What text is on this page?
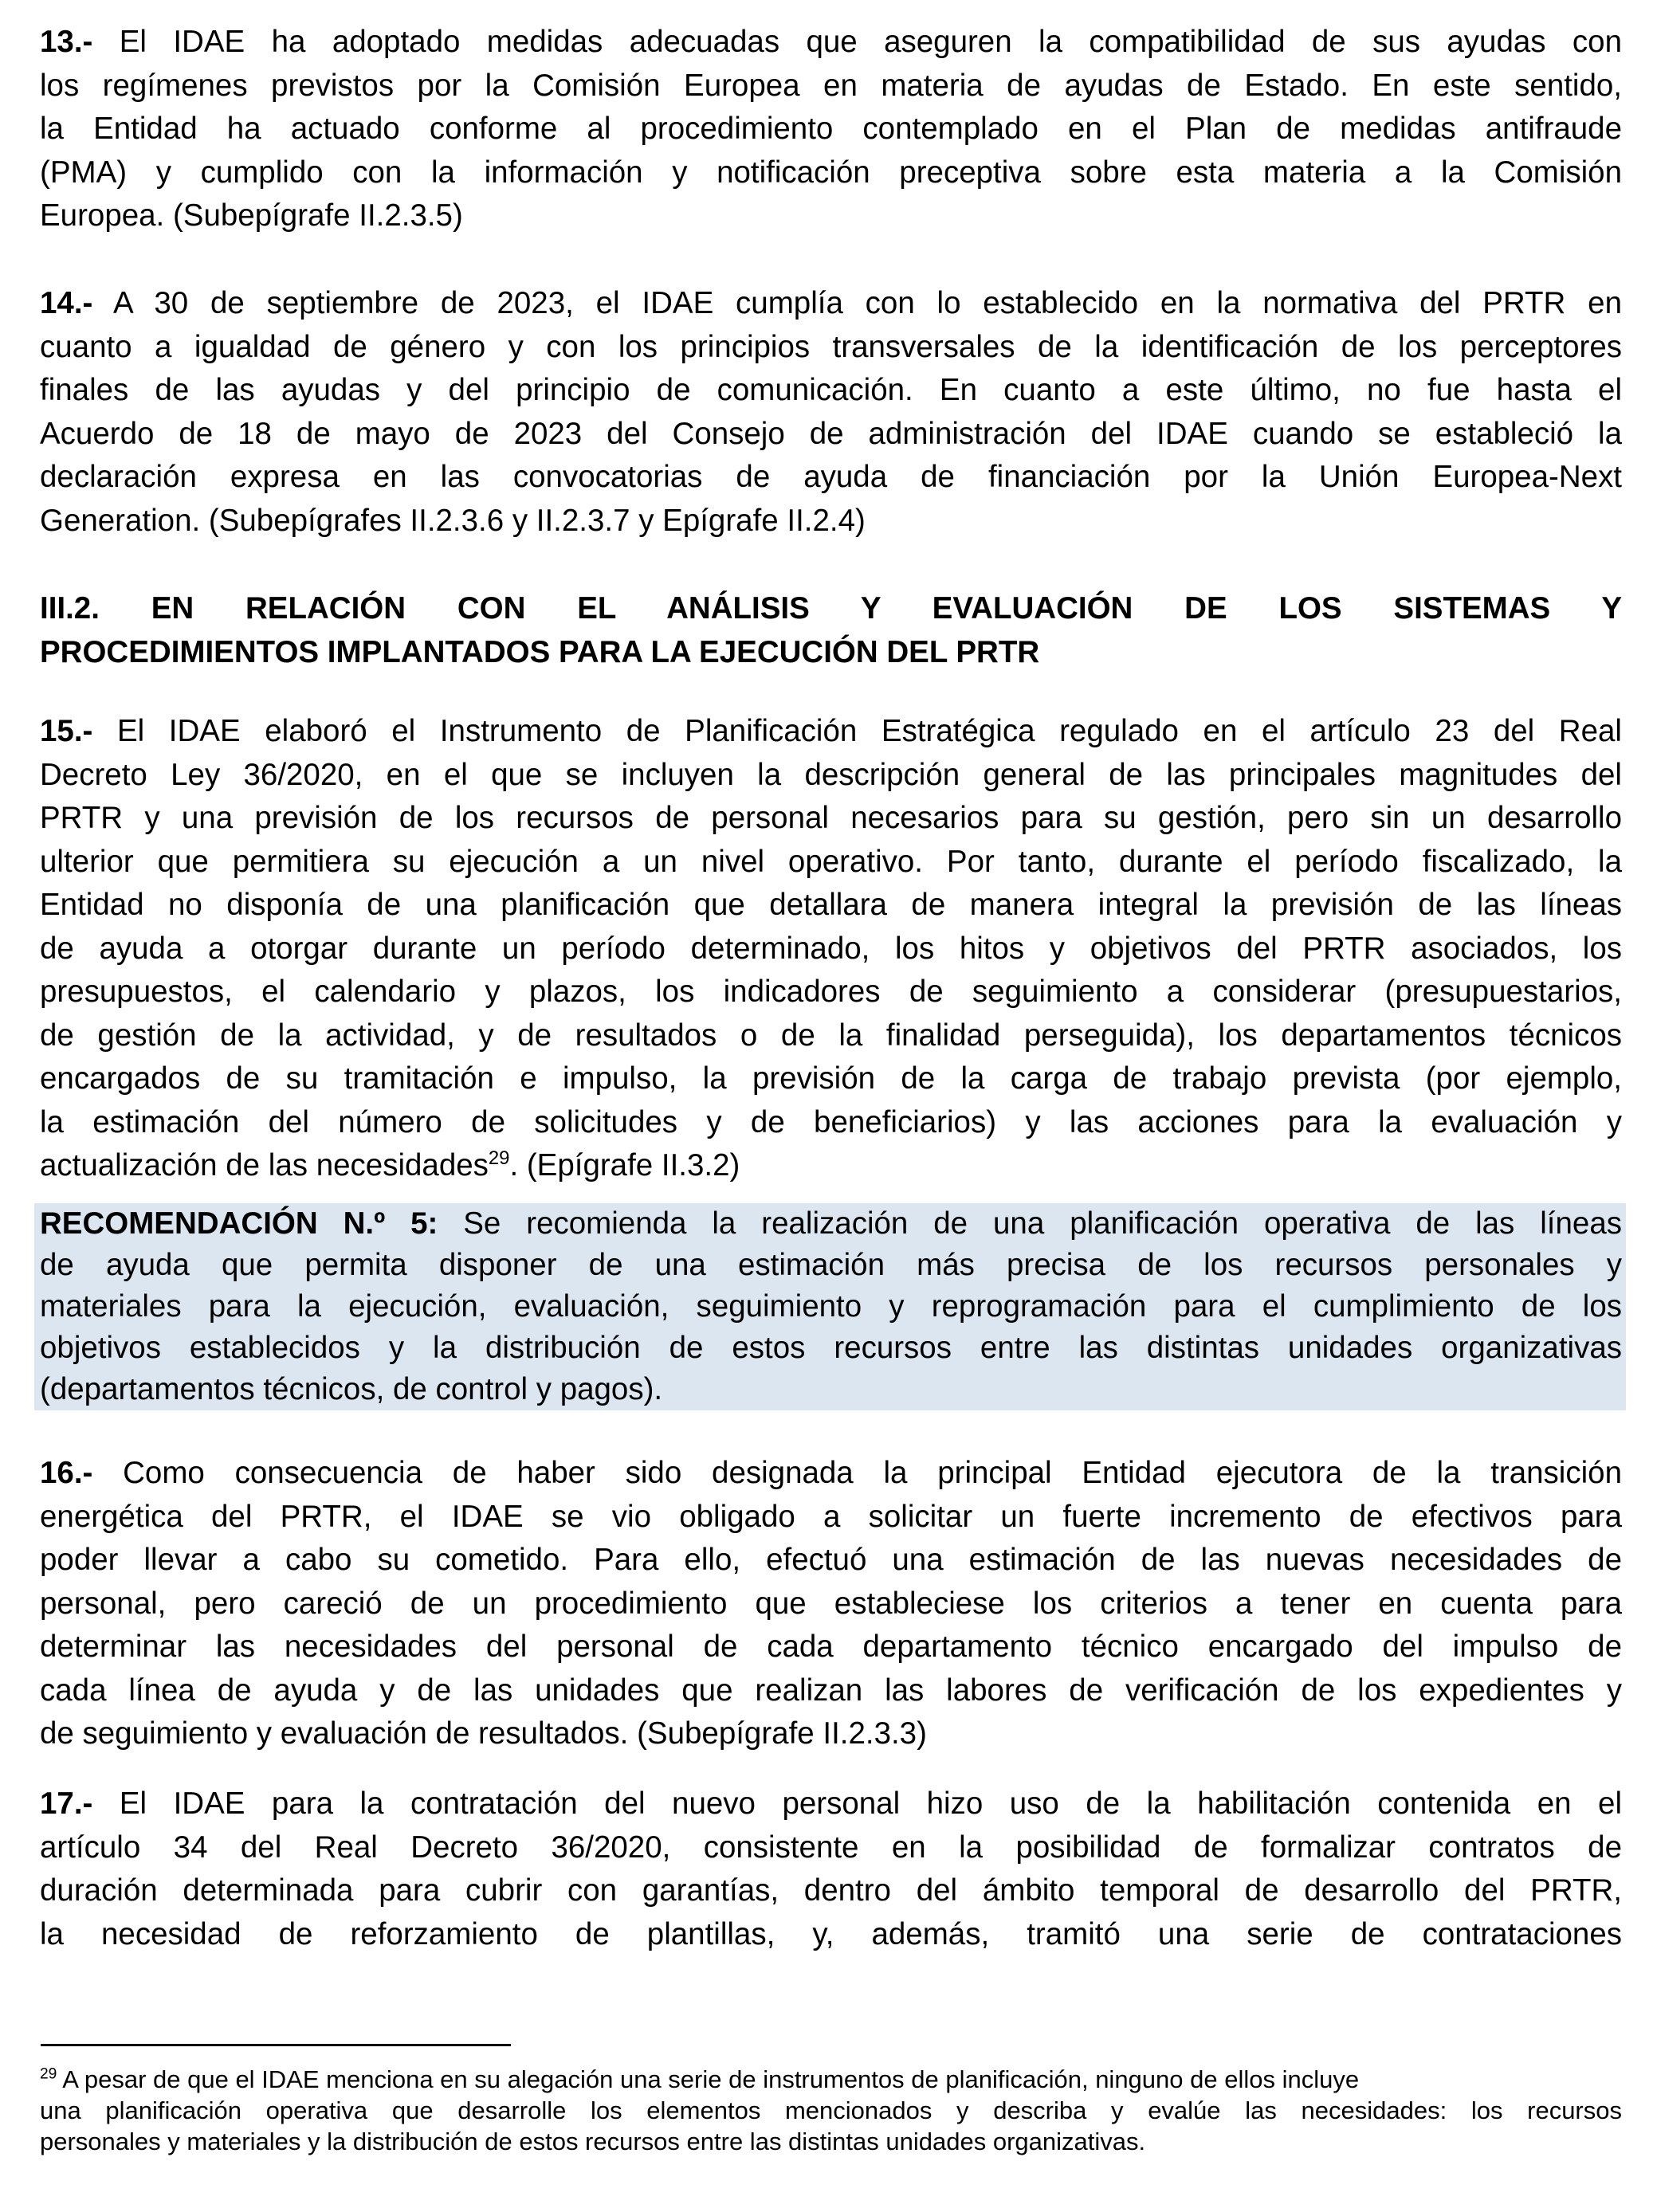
13.- El IDAE ha adoptado medidas adecuadas que aseguren la compatibilidad de sus ayudas con
los regímenes previstos por la Comisión Europea en materia de ayudas de Estado. En este sentido,
la Entidad ha actuado conforme al procedimiento contemplado en el Plan de medidas antifraude
(PMA) y cumplido con la información y notificación preceptiva sobre esta materia a la Comisión
Europea. (Subepígrafe II.2.3.5)
14.- A 30 de septiembre de 2023, el IDAE cumplía con lo establecido en la normativa del PRTR en
cuanto a igualdad de género y con los principios transversales de la identificación de los perceptores
finales de las ayudas y del principio de comunicación. En cuanto a este último, no fue hasta el
Acuerdo de 18 de mayo de 2023 del Consejo de administración del IDAE cuando se estableció la
declaración expresa en las convocatorias de ayuda de financiación por la Unión Europea-Next
Generation. (Subepígrafes II.2.3.6 y II.2.3.7 y Epígrafe II.2.4)
III.2. EN RELACIÓN CON EL ANÁLISIS Y EVALUACIÓN DE LOS SISTEMAS Y
PROCEDIMIENTOS IMPLANTADOS PARA LA EJECUCIÓN DEL PRTR
15.- El IDAE elaboró el Instrumento de Planificación Estratégica regulado en el artículo 23 del Real
Decreto Ley 36/2020, en el que se incluyen la descripción general de las principales magnitudes del
PRTR y una previsión de los recursos de personal necesarios para su gestión, pero sin un desarrollo
ulterior que permitiera su ejecución a un nivel operativo. Por tanto, durante el período fiscalizado, la
Entidad no disponía de una planificación que detallara de manera integral la previsión de las líneas
de ayuda a otorgar durante un período determinado, los hitos y objetivos del PRTR asociados, los
presupuestos, el calendario y plazos, los indicadores de seguimiento a considerar (presupuestarios,
de gestión de la actividad, y de resultados o de la finalidad perseguida), los departamentos técnicos
encargados de su tramitación e impulso, la previsión de la carga de trabajo prevista (por ejemplo,
la estimación del número de solicitudes y de beneficiarios) y las acciones para la evaluación y
actualización de las necesidades$^{29}$. (Epígrafe II.3.2)
RECOMENDACIÓN N.º 5: Se recomienda la realización de una planificación operativa de las líneas
de ayuda que permita disponer de una estimación más precisa de los recursos personales y
materiales para la ejecución, evaluación, seguimiento y reprogramación para el cumplimiento de los
objetivos establecidos y la distribución de estos recursos entre las distintas unidades organizativas
(departamentos técnicos, de control y pagos).
16.- Como consecuencia de haber sido designada la principal Entidad ejecutora de la transición
energética del PRTR, el IDAE se vio obligado a solicitar un fuerte incremento de efectivos para
poder llevar a cabo su cometido. Para ello, efectuó una estimación de las nuevas necesidades de
personal, pero careció de un procedimiento que estableciese los criterios a tener en cuenta para
determinar las necesidades del personal de cada departamento técnico encargado del impulso de
cada línea de ayuda y de las unidades que realizan las labores de verificación de los expedientes y
de seguimiento y evaluación de resultados. (Subepígrafe II.2.3.3)
17.- El IDAE para la contratación del nuevo personal hizo uso de la habilitación contenida en el
artículo 34 del Real Decreto 36/2020, consistente en la posibilidad de formalizar contratos de
duración determinada para cubrir con garantías, dentro del ámbito temporal de desarrollo del PRTR,
la necesidad de reforzamiento de plantillas, y, además, tramitó una serie de contrataciones
$^{29}$ A pesar de que el IDAE menciona en su alegación una serie de instrumentos de planificación, ninguno de ellos incluye
una planificación operativa que desarrolle los elementos mencionados y describa y evalúe las necesidades: los recursos
personales y materiales y la distribución de estos recursos entre las distintas unidades organizativas.
